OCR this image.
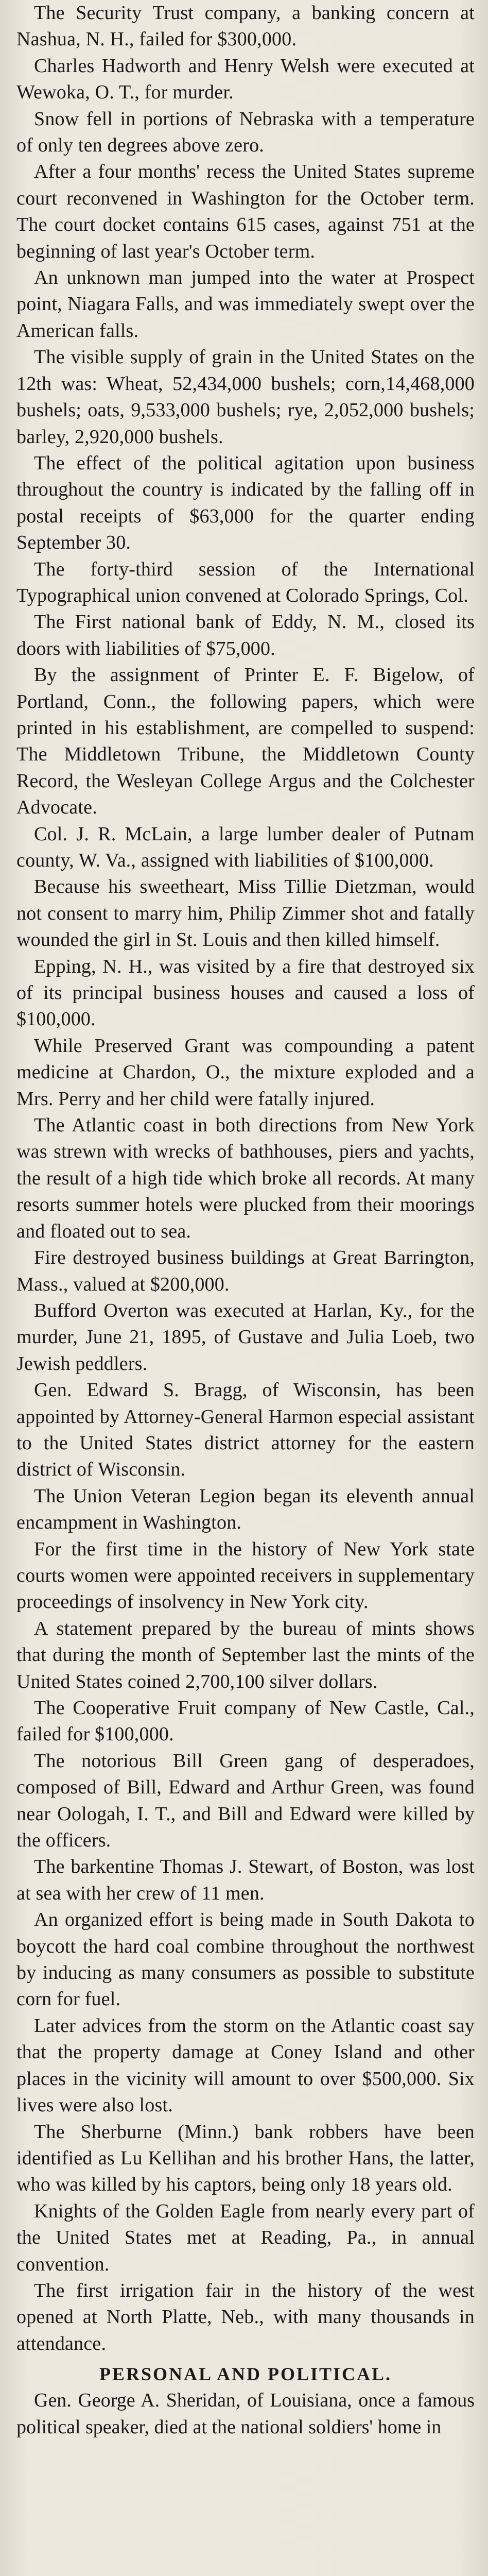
The Security Trust company, a banking concern at Nashua, N. H., failed for $300,000.

Charles Hadworth and Henry Welsh were executed at Wewoka, O. T., for murder.

Snow fell in portions of Nebraska with a temperature of only ten degrees above zero.

After a four months' recess the United States supreme court reconvened in Washington for the October term. The court docket contains 615 cases, against 751 at the beginning of last year's October term.

An unknown man jumped into the water at Prospect point, Niagara Falls, and was immediately swept over the American falls.

The visible supply of grain in the United States on the 12th was: Wheat, 52,434,000 bushels; corn,14,468,000 bushels; oats, 9,533,000 bushels; rye, 2,052,000 bushels; barley, 2,920,000 bushels.

The effect of the political agitation upon business throughout the country is indicated by the falling off in postal receipts of $63,000 for the quarter ending September 30.

The forty-third session of the International Typographical union convened at Colorado Springs, Col.

The First national bank of Eddy, N. M., closed its doors with liabilities of $75,000.

By the assignment of Printer E. F. Bigelow, of Portland, Conn., the following papers, which were printed in his establishment, are compelled to suspend: The Middletown Tribune, the Middletown County Record, the Wesleyan College Argus and the Colchester Advocate.

Col. J. R. McLain, a large lumber dealer of Putnam county, W. Va., assigned with liabilities of $100,000.

Because his sweetheart, Miss Tillie Dietzman, would not consent to marry him, Philip Zimmer shot and fatally wounded the girl in St. Louis and then killed himself.

Epping, N. H., was visited by a fire that destroyed six of its principal business houses and caused a loss of $100,000.

While Preserved Grant was compounding a patent medicine at Chardon, O., the mixture exploded and a Mrs. Perry and her child were fatally injured.

The Atlantic coast in both directions from New York was strewn with wrecks of bathhouses, piers and yachts, the result of a high tide which broke all records. At many resorts summer hotels were plucked from their moorings and floated out to sea.

Fire destroyed business buildings at Great Barrington, Mass., valued at $200,000.

Bufford Overton was executed at Harlan, Ky., for the murder, June 21, 1895, of Gustave and Julia Loeb, two Jewish peddlers.

Gen. Edward S. Bragg, of Wisconsin, has been appointed by Attorney-General Harmon especial assistant to the United States district attorney for the eastern district of Wisconsin.

The Union Veteran Legion began its eleventh annual encampment in Washington.

For the first time in the history of New York state courts women were appointed receivers in supplementary proceedings of insolvency in New York city.

A statement prepared by the bureau of mints shows that during the month of September last the mints of the United States coined 2,700,100 silver dollars.

The Cooperative Fruit company of New Castle, Cal., failed for $100,000.

The notorious Bill Green gang of desperadoes, composed of Bill, Edward and Arthur Green, was found near Oologah, I. T., and Bill and Edward were killed by the officers.

The barkentine Thomas J. Stewart, of Boston, was lost at sea with her crew of 11 men.

An organized effort is being made in South Dakota to boycott the hard coal combine throughout the northwest by inducing as many consumers as possible to substitute corn for fuel.

Later advices from the storm on the Atlantic coast say that the property damage at Coney Island and other places in the vicinity will amount to over $500,000. Six lives were also lost.

The Sherburne (Minn.) bank robbers have been identified as Lu Kellihan and his brother Hans, the latter, who was killed by his captors, being only 18 years old.

Knights of the Golden Eagle from nearly every part of the United States met at Reading, Pa., in annual convention.

The first irrigation fair in the history of the west opened at North Platte, Neb., with many thousands in attendance.

PERSONAL AND POLITICAL.

Gen. George A. Sheridan, of Louisiana, once a famous political speaker, died at the national soldiers' home in
